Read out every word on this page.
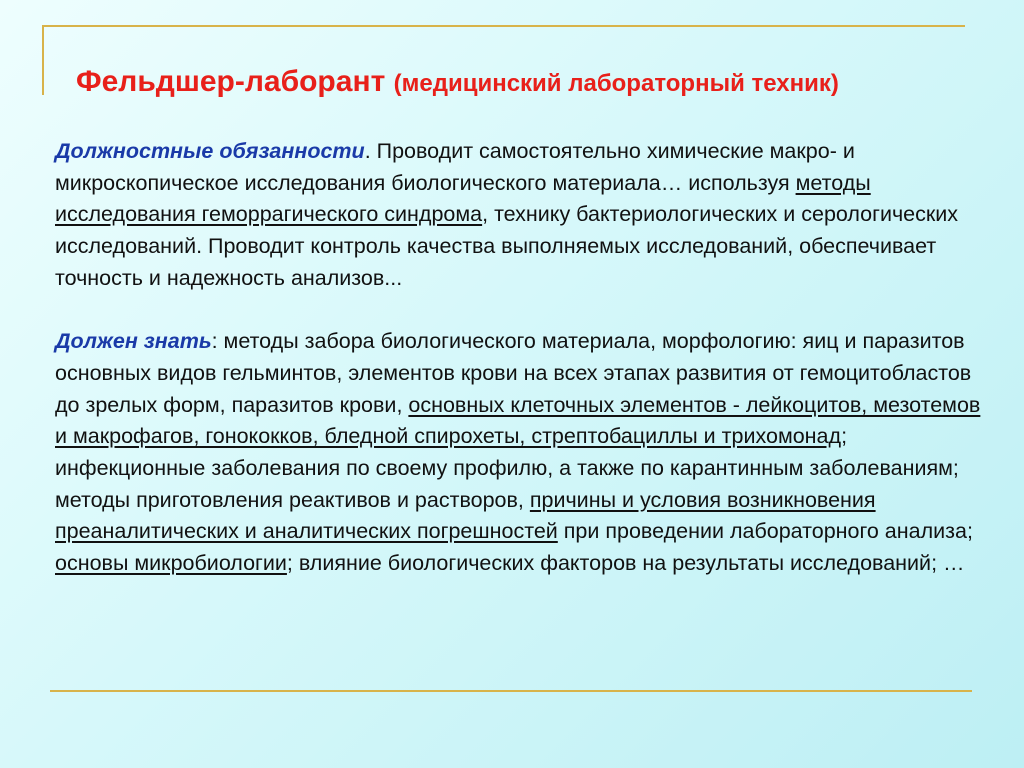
Фельдшер-лаборант (медицинский лабораторный техник)

Должностные обязанности. Проводит самостоятельно химические макро- и микроскопическое исследования биологического материала… используя методы исследования геморрагического синдрома, технику бактериологических и серологических исследований. Проводит контроль качества выполняемых исследований, обеспечивает точность и надежность анализов...

Должен знать: методы забора биологического материала, морфологию: яиц и паразитов основных видов гельминтов, элементов крови на всех этапах развития от гемоцитобластов до зрелых форм, паразитов крови, основных клеточных элементов - лейкоцитов, мезотемов и макрофагов, гонококков, бледной спирохеты, стрептобациллы и трихомонад; инфекционные заболевания по своему профилю, а также по карантинным заболеваниям; методы приготовления реактивов и растворов, причины и условия возникновения преаналитических и аналитических погрешностей при проведении лабораторного анализа; основы микробиологии; влияние биологических факторов на результаты исследований; …
